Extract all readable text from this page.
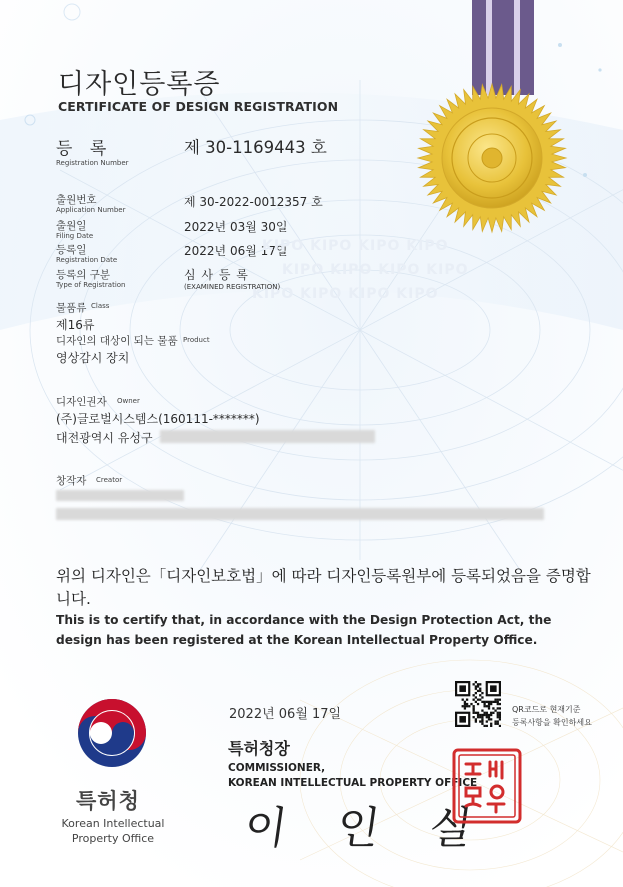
디자인등록증
CERTIFICATE OF DESIGN REGISTRATION
등 록
Registration Number
제 30-1169443 호
출원번호
Application Number
제 30-2022-0012357 호
출원일
Filing Date
2022년 03월 30일
등록일
Registration Date
2022년 06월 17일
KIPO KIPO KIPO KIPO
KIPO KIPO KIPO KIPO
KIPO KIPO KIPO KIPO
등록의 구분
Type of Registration
심 사 등 록
(EXAMINED REGISTRATION)
물품류 Class
제16류
디자인의 대상이 되는 물품 Product
영상감시 장치
디자인권자 Owner
(주)글로벌시스템스(160111-*******)
대전광역시 유성구
창작자 Creator
위의 디자인은「디자인보호법」에 따라 디자인등록원부에 등록되었음을 증명합니다.
This is to certify that, in accordance with the Design Protection Act, the design has been registered at the Korean Intellectual Property Office.
2022년 06월 17일	QR코드로 현재기준
등록사항을 확인하세요
특허청장
COMMISSIONER,
KOREAN INTELLECTUAL PROPERTY OFFICE
이 인 실
특허청
Korean Intellectual
Property Office
